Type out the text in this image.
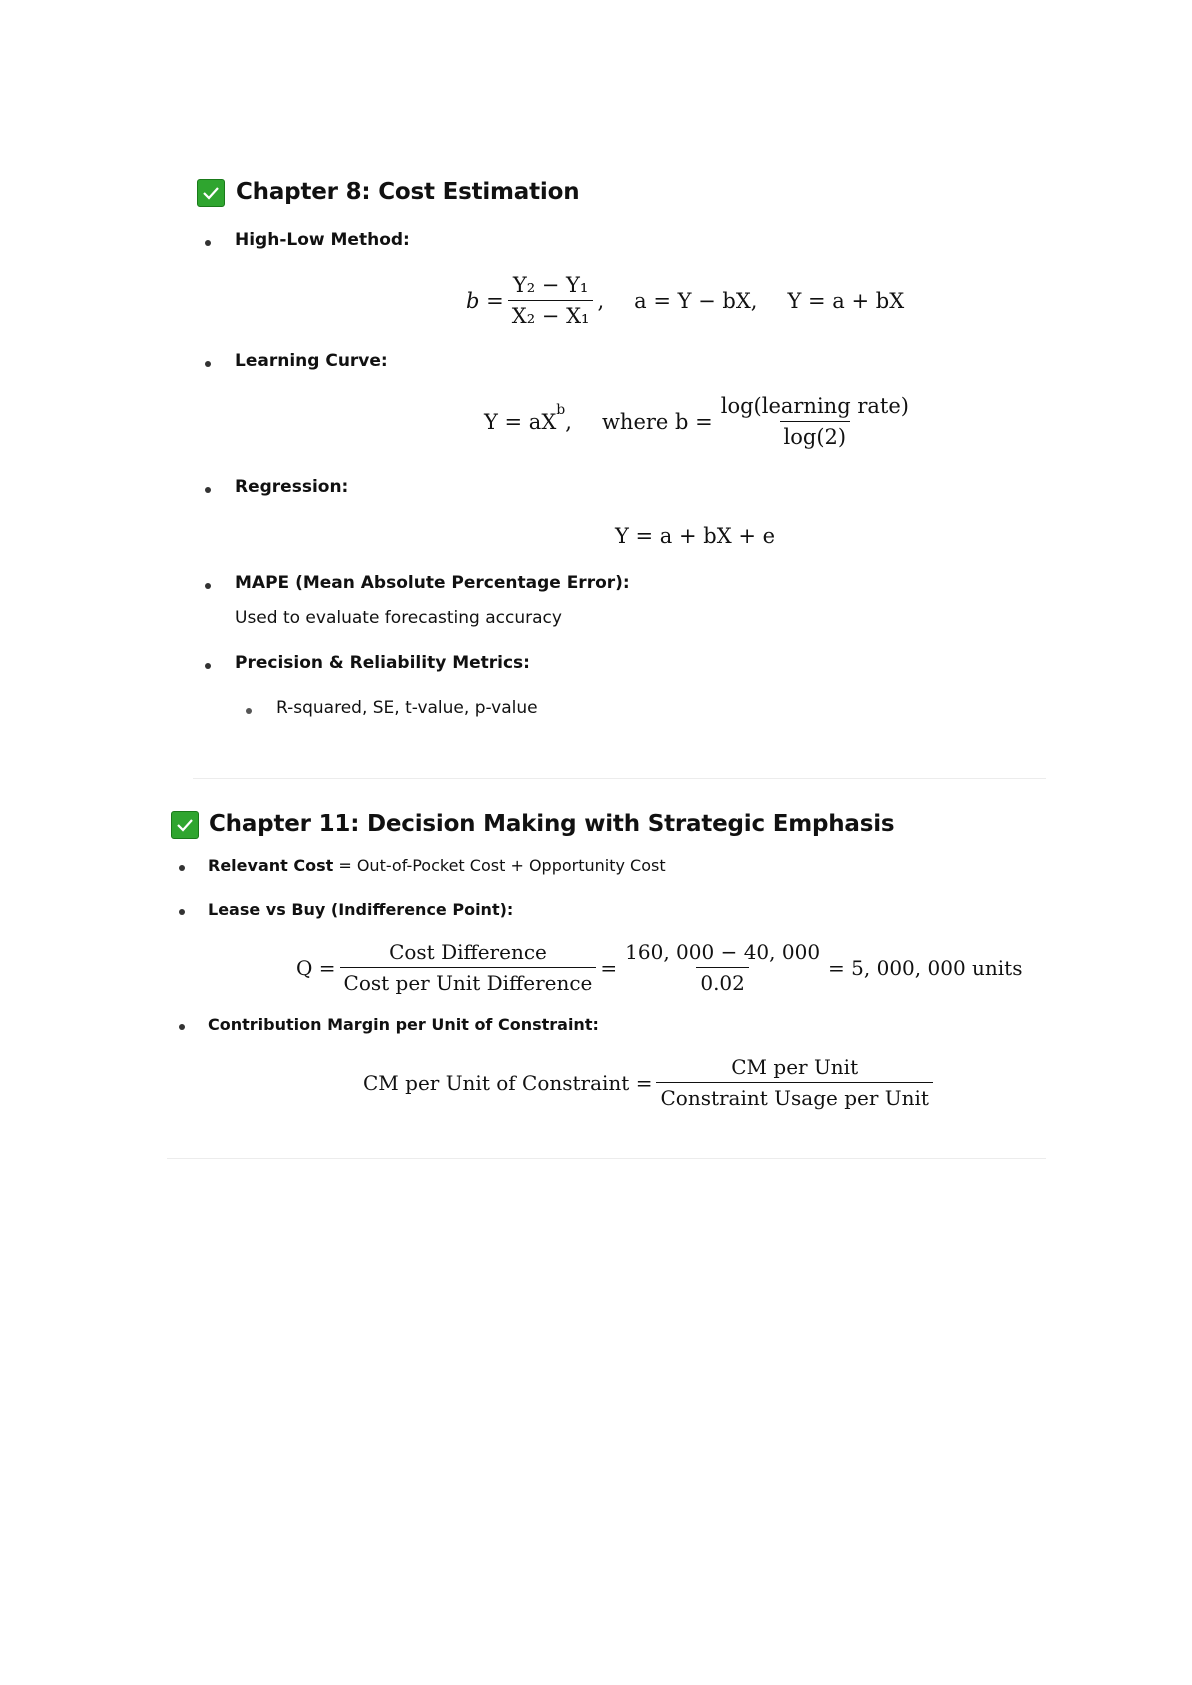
Chapter 8: Cost Estimation
High-Low Method:
b
= $\frac{\text{Y₂ − Y₁}}{\text{X₂ − X₁}}$ , a = Y − bX, Y = a + bX
Learning Curve:
$Y = aX^b$ , where $b = \frac{\text{log(learning rate)}}{\log(2)}$
Regression:
Y = a + bX + e
MAPE (Mean Absolute Percentage Error):
Used to evaluate forecasting accuracy
Precision & Reliability Metrics:
R-squared, SE, t-value, p-value
Chapter 11: Decision Making with Strategic Emphasis
Relevant Cost = Out-of-Pocket Cost + Opportunity Cost
Lease vs Buy (Indifference Point):
$Q = \frac{\text{Cost Difference}}{\text{Cost per Unit Difference}} = \frac{160, 000 - 40, 000}{0.02} = 5$, 000, 000 units
Contribution Margin per Unit of Constraint:
CM per Unit of Constraint = $\frac{\text{CM per Unit}}{\text{Constraint Usage per Unit}}$
